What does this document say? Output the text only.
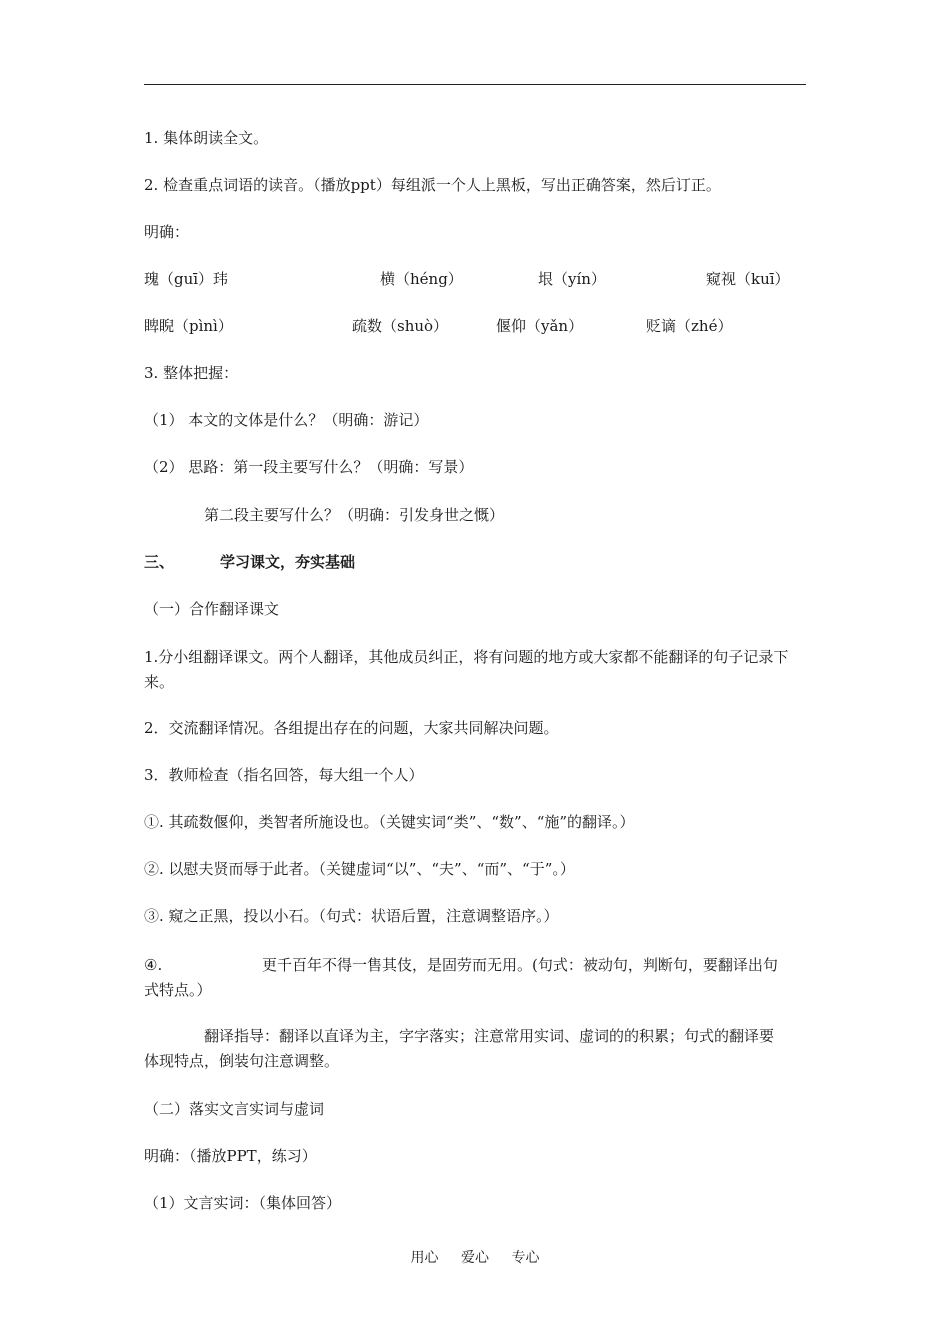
1. 集体朗读全文。
2. 检查重点词语的读音。（播放ppt）每组派一个人上黑板，写出正确答案，然后订正。
明确：
瑰（guī）玮	横（héng）	垠（yín）	窥视（kuī）
睥睨（pìnì）	疏数（shuò）	偃仰（yǎn）	贬谪（zhé）
3. 整体把握：
（1） 本文的文体是什么？（明确：游记）
（2） 思路：第一段主要写什么？（明确：写景）
第二段主要写什么？（明确：引发身世之慨）
三、	学习课文，夯实基础
（一）合作翻译课文
1.分小组翻译课文。两个人翻译，其他成员纠正，将有问题的地方或大家都不能翻译的句子记录下来。
2．交流翻译情况。各组提出存在的问题，大家共同解决问题。
3．教师检查（指名回答，每大组一个人）
①. 其疏数偃仰，类智者所施设也。（关键实词“类”、“数”、“施”的翻译。）
②. 以慰夫贤而辱于此者。（关键虚词“以”、“夫”、“而”、“于”。）
③. 窥之正黑，投以小石。（句式：状语后置，注意调整语序。）
④.	更千百年不得一售其伎，是固劳而无用。(句式：被动句，判断句，要翻译出句
式特点。）
翻译指导：翻译以直译为主，字字落实；注意常用实词、虚词的的积累；句式的翻译要
体现特点，倒装句注意调整。
（二）落实文言实词与虚词
明确：（播放PPT，练习）
（1）文言实词：（集体回答）
用心 爱心 专心
